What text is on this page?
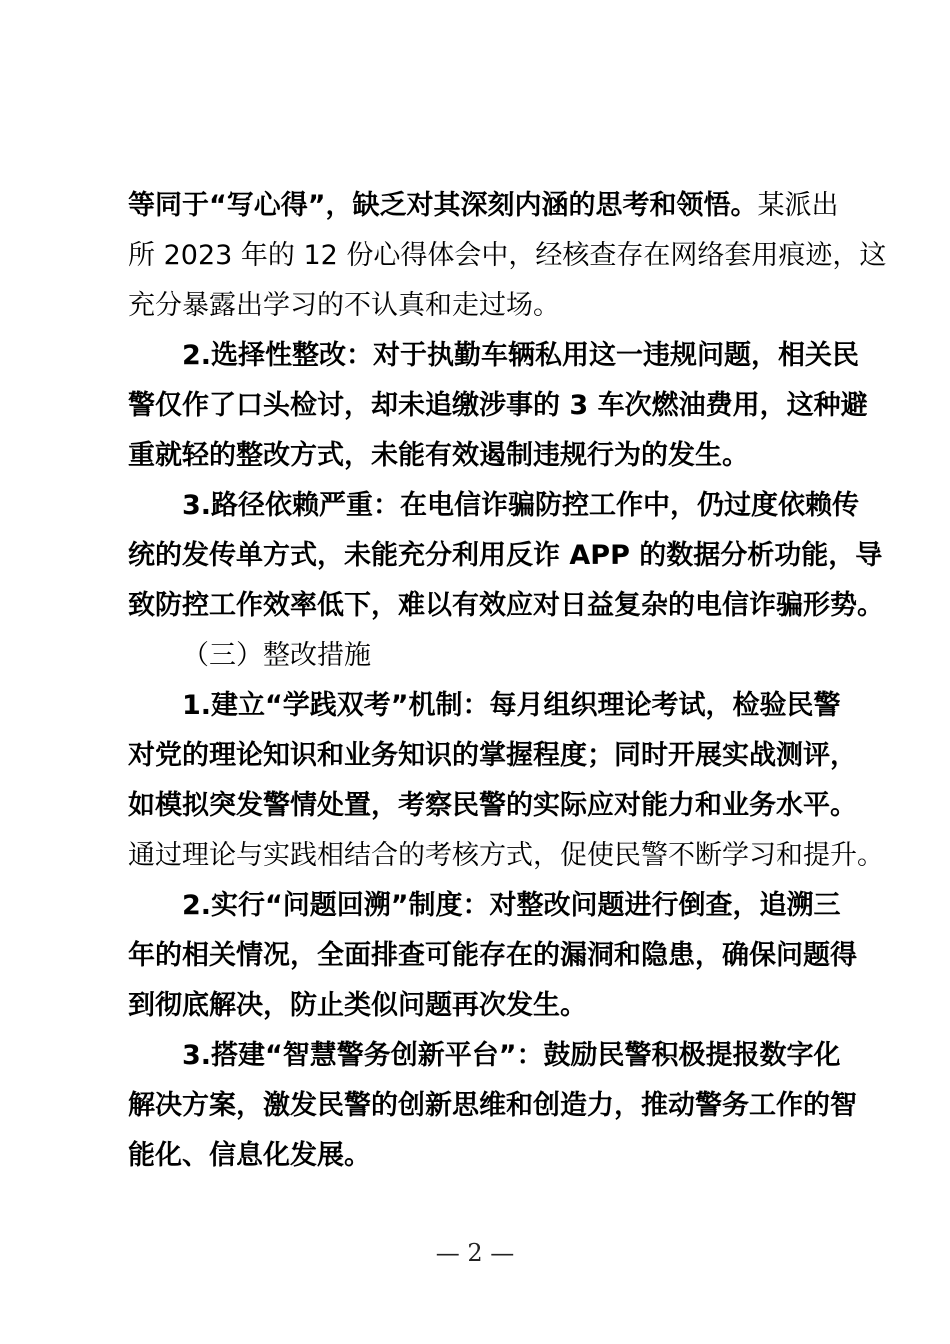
等同于“写心得”，缺乏对其深刻内涵的思考和领悟。某派出
所 2023 年的 12 份心得体会中，经核查存在网络套用痕迹，这
充分暴露出学习的不认真和走过场。
2.选择性整改：对于执勤车辆私用这一违规问题，相关民
警仅作了口头检讨，却未追缴涉事的 3 车次燃油费用，这种避
重就轻的整改方式，未能有效遏制违规行为的发生。
3.路径依赖严重：在电信诈骗防控工作中，仍过度依赖传
统的发传单方式，未能充分利用反诈 APP 的数据分析功能，导
致防控工作效率低下，难以有效应对日益复杂的电信诈骗形势。
（三）整改措施
1.建立“学践双考”机制：每月组织理论考试，检验民警
对党的理论知识和业务知识的掌握程度；同时开展实战测评，
如模拟突发警情处置，考察民警的实际应对能力和业务水平。
通过理论与实践相结合的考核方式，促使民警不断学习和提升。
2.实行“问题回溯”制度：对整改问题进行倒查，追溯三
年的相关情况，全面排查可能存在的漏洞和隐患，确保问题得
到彻底解决，防止类似问题再次发生。
3.搭建“智慧警务创新平台”：鼓励民警积极提报数字化
解决方案，激发民警的创新思维和创造力，推动警务工作的智
能化、信息化发展。
— 2 —
